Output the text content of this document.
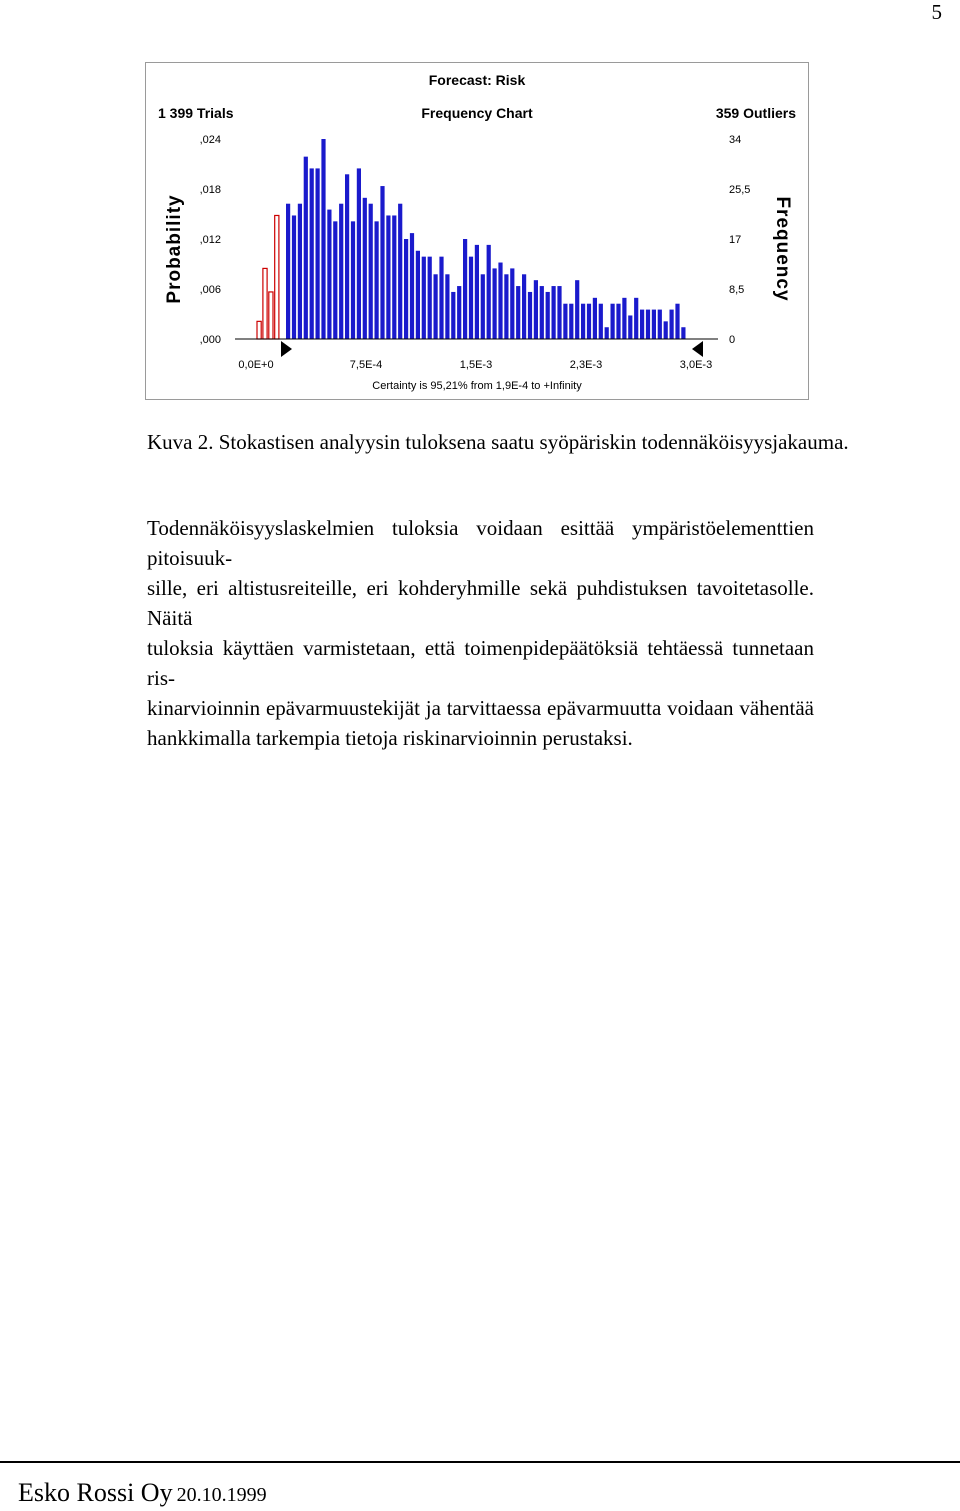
5
Forecast: Risk
1 399 Trials	Frequency Chart	359 Outliers
Probability	Frequency
,000
,006
,012
,018
,024
0
8,5
17
25,5
34
0,0E+0	7,5E-4	1,5E-3	2,3E-3	3,0E-3
Certainty is 95,21% from 1,9E-4 to +Infinity
Kuva 2. Stokastisen analyysin tuloksena saatu syöpäriskin todennäköisyysjakauma.
Todennäköisyyslaskelmien tuloksia voidaan esittää ympäristöelementtien pitoisuuk-
sille, eri altistusreiteille, eri kohderyhmille sekä puhdistuksen tavoitetasolle. Näitä
tuloksia käyttäen varmistetaan, että toimenpidepäätöksiä tehtäessä tunnetaan ris-
kinarvioinnin epävarmuustekijät ja tarvittaessa epävarmuutta voidaan vähentää
hankkimalla tarkempia tietoja riskinarvioinnin perustaksi.
Esko Rossi Oy 20.10.1999
